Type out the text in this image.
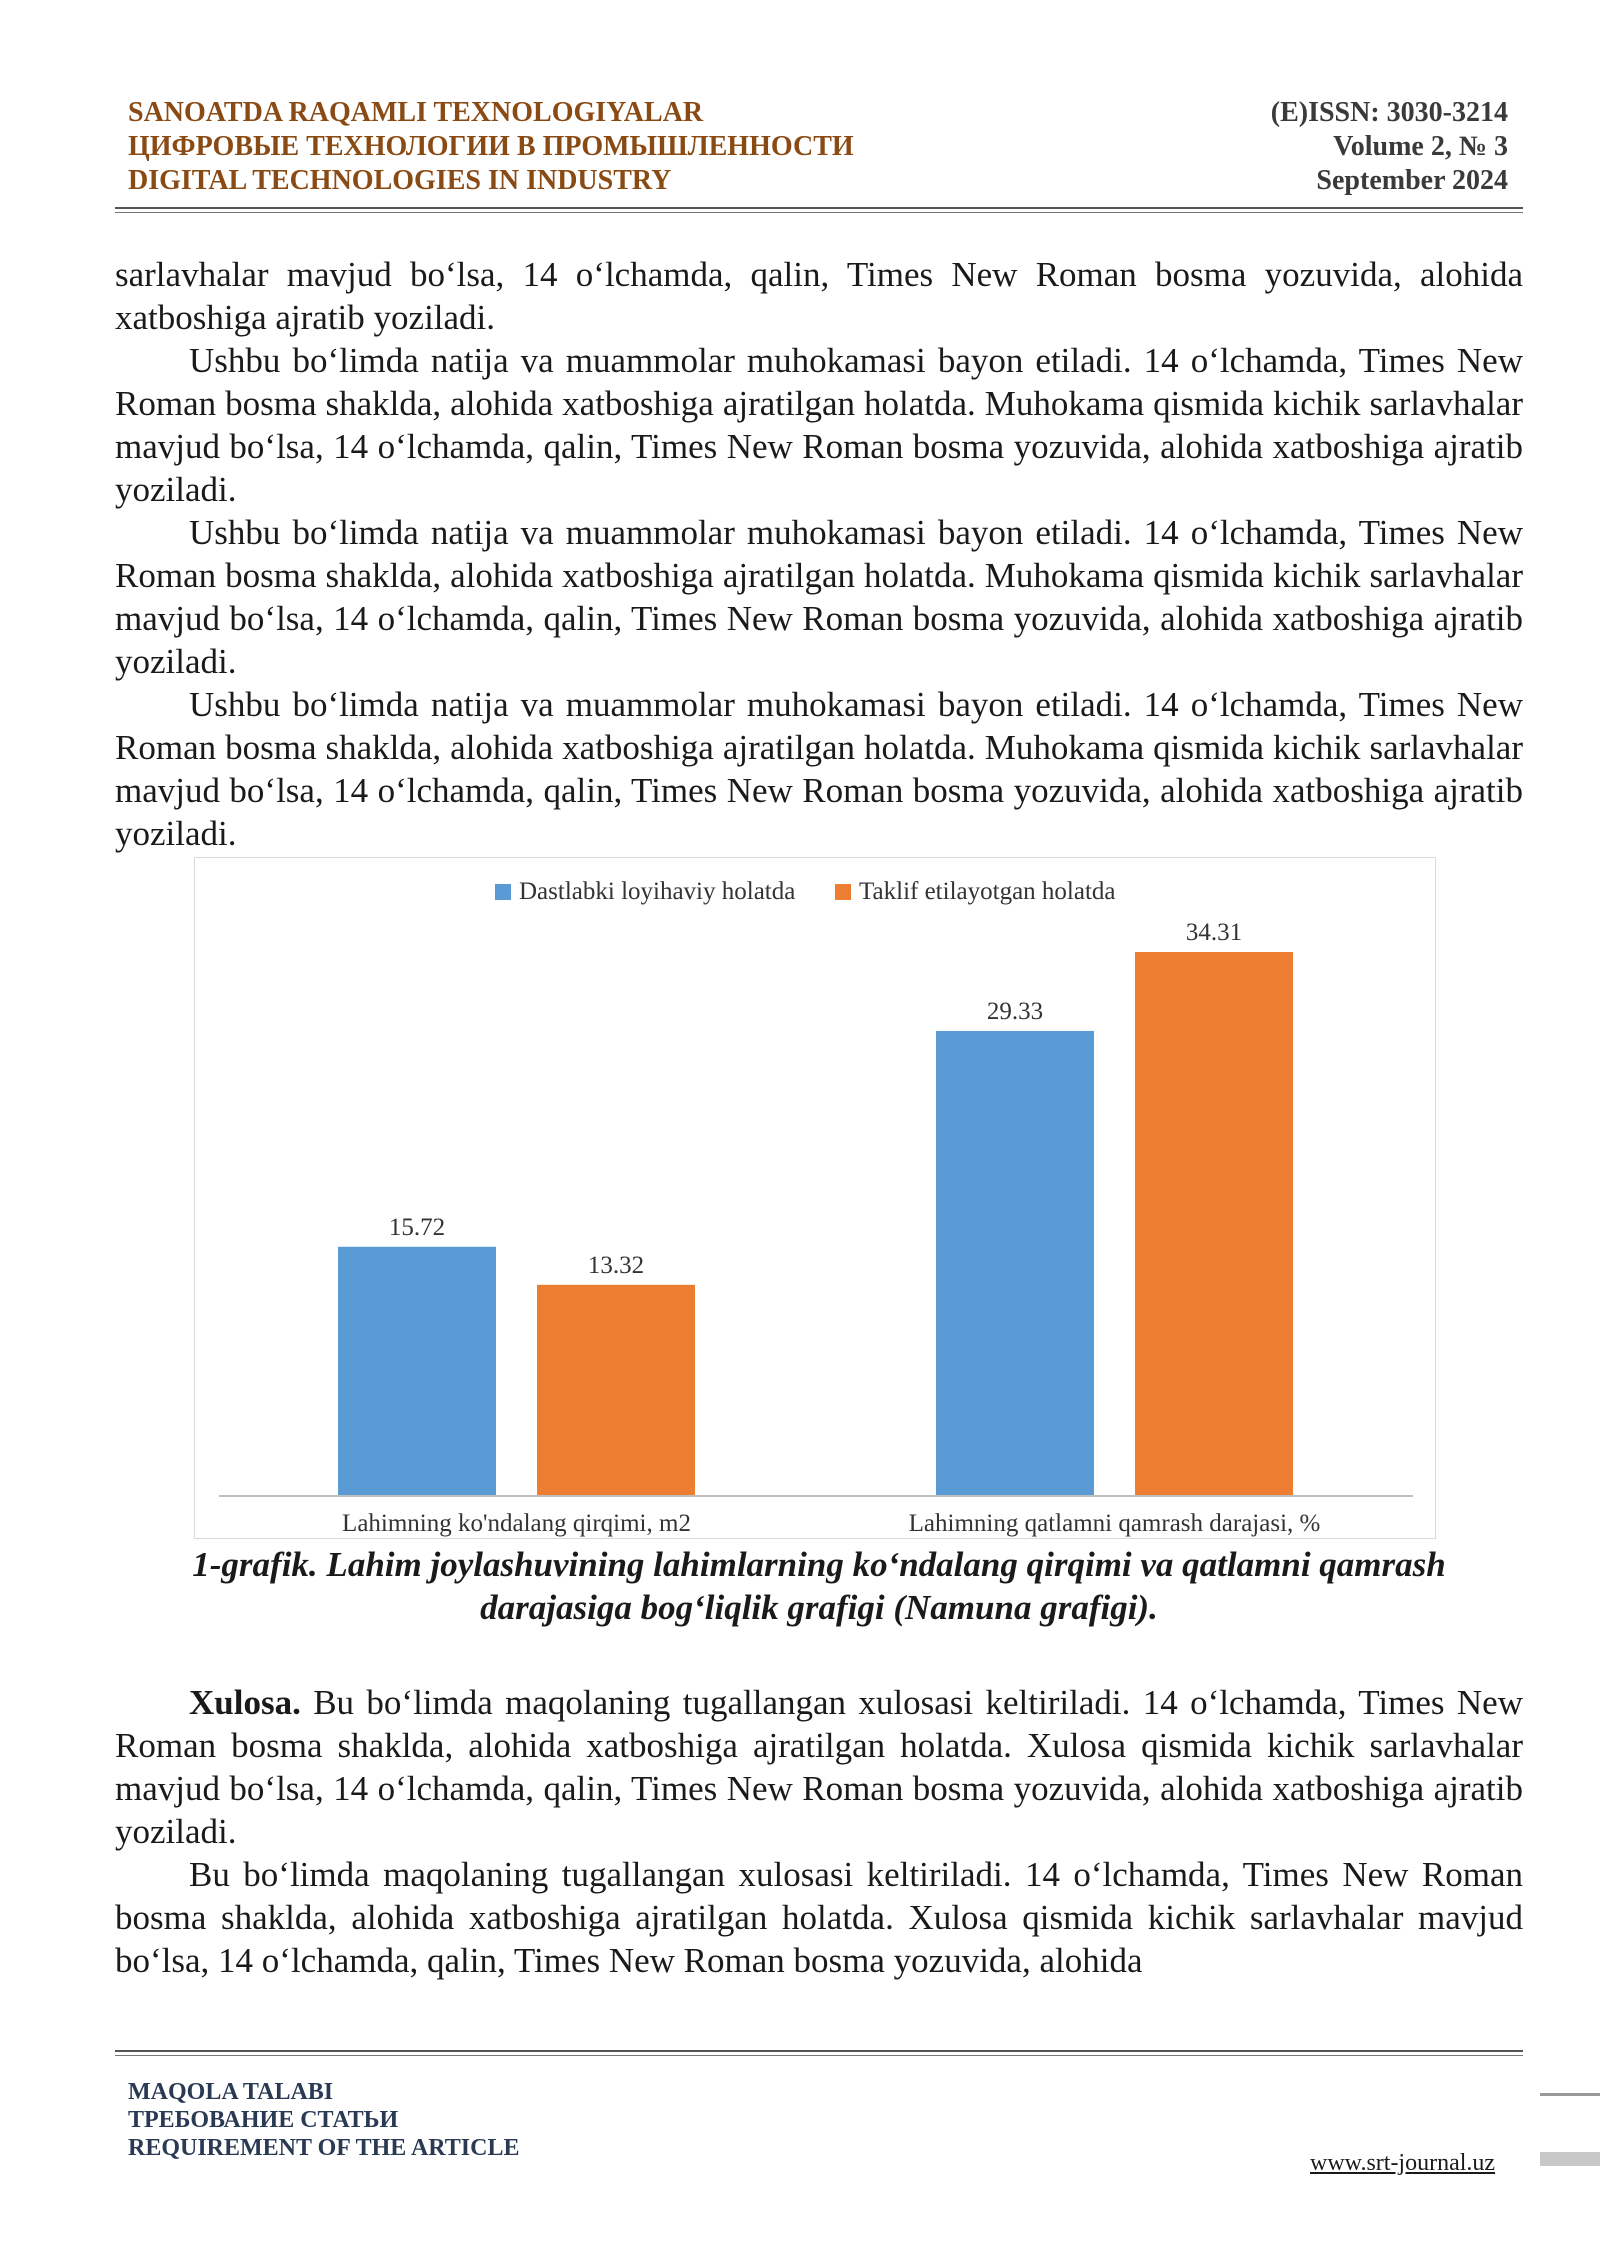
SANOATDA RAQAMLI TEXNOLOGIYALAR
ЦИФРОВЫЕ ТЕХНОЛОГИИ В ПРОМЫШЛЕННОСТИ
DIGITAL TECHNOLOGIES IN INDUSTRY
(E)ISSN: 3030-3214
Volume 2, № 3
September 2024

sarlavhalar mavjud bo‘lsa, 14 o‘lchamda, qalin, Times New Roman bosma yozuvida, alohida xatboshiga ajratib yoziladi.

Ushbu bo‘limda natija va muammolar muhokamasi bayon etiladi. 14 o‘lchamda, Times New Roman bosma shaklda, alohida xatboshiga ajratilgan holatda. Muhokama qismida kichik sarlavhalar mavjud bo‘lsa, 14 o‘lchamda, qalin, Times New Roman bosma yozuvida, alohida xatboshiga ajratib yoziladi.

Ushbu bo‘limda natija va muammolar muhokamasi bayon etiladi. 14 o‘lchamda, Times New Roman bosma shaklda, alohida xatboshiga ajratilgan holatda. Muhokama qismida kichik sarlavhalar mavjud bo‘lsa, 14 o‘lchamda, qalin, Times New Roman bosma yozuvida, alohida xatboshiga ajratib yoziladi.

Ushbu bo‘limda natija va muammolar muhokamasi bayon etiladi. 14 o‘lchamda, Times New Roman bosma shaklda, alohida xatboshiga ajratilgan holatda. Muhokama qismida kichik sarlavhalar mavjud bo‘lsa, 14 o‘lchamda, qalin, Times New Roman bosma yozuvida, alohida xatboshiga ajratib yoziladi.

Dastlabki loyihaviy holatda	Taklif etilayotgan holatda
15.72
13.32
29.33
34.31
Lahimning ko'ndalang qirqimi, m2	Lahimning qatlamni qamrash darajasi, %
1-grafik. Lahim joylashuvining lahimlarning ko‘ndalang qirqimi va qatlamni qamrash
darajasiga bog‘liqlik grafigi (Namuna grafigi).

Xulosa. Bu bo‘limda maqolaning tugallangan xulosasi keltiriladi. 14 o‘lchamda, Times New Roman bosma shaklda, alohida xatboshiga ajratilgan holatda. Xulosa qismida kichik sarlavhalar mavjud bo‘lsa, 14 o‘lchamda, qalin, Times New Roman bosma yozuvida, alohida xatboshiga ajratib yoziladi.

Bu bo‘limda maqolaning tugallangan xulosasi keltiriladi. 14 o‘lchamda, Times New Roman bosma shaklda, alohida xatboshiga ajratilgan holatda. Xulosa qismida kichik sarlavhalar mavjud bo‘lsa, 14 o‘lchamda, qalin, Times New Roman bosma yozuvida, alohida

MAQOLA TALABI
ТРЕБОВАНИЕ СТАТЬИ
REQUIREMENT OF THE ARTICLE
www.srt-journal.uz
